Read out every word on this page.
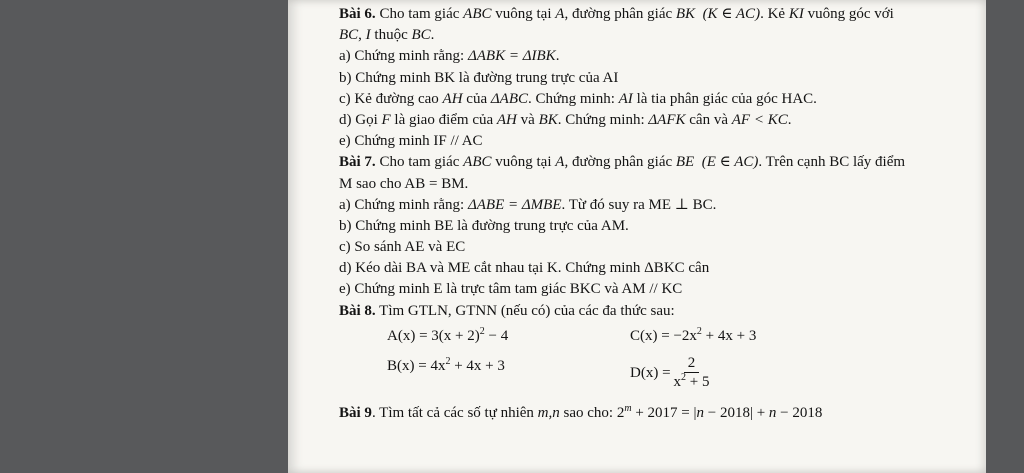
Bài 6. Cho tam giác ABC vuông tại A, đường phân giác BK (K ∈ AC). Kẻ KI vuông góc với
BC, I thuộc BC.
a) Chứng minh rằng: ΔABK = ΔIBK.
b) Chứng minh BK là đường trung trực của AI
c) Kẻ đường cao AH của ΔABC. Chứng minh: AI là tia phân giác của góc HAC.
d) Gọi F là giao điểm của AH và BK. Chứng minh: ΔAFK cân và AF < KC.
e) Chứng minh IF // AC
Bài 7. Cho tam giác ABC vuông tại A, đường phân giác BE (E ∈ AC). Trên cạnh BC lấy điểm
M sao cho AB = BM.
a) Chứng minh rằng: ΔABE = ΔMBE. Từ đó suy ra ME ⊥ BC.
b) Chứng minh BE là đường trung trực của AM.
c) So sánh AE và EC
d) Kéo dài BA và ME cắt nhau tại K. Chứng minh ΔBKC cân
e) Chứng minh E là trực tâm tam giác BKC và AM // KC
Bài 8. Tìm GTLN, GTNN (nếu có) của các đa thức sau:
$A(x) = 3(x + 2)^2 - 4$	$C(x) = -2x^2 + 4x + 3$
$B(x) = 4x^2 + 4x + 3$	$D(x) = \frac{2}{x^2 + 5}$
Bài 9. Tìm tất cả các số tự nhiên m,n sao cho: $2^m + 2017 = |n - 2018| + n - 2018$
